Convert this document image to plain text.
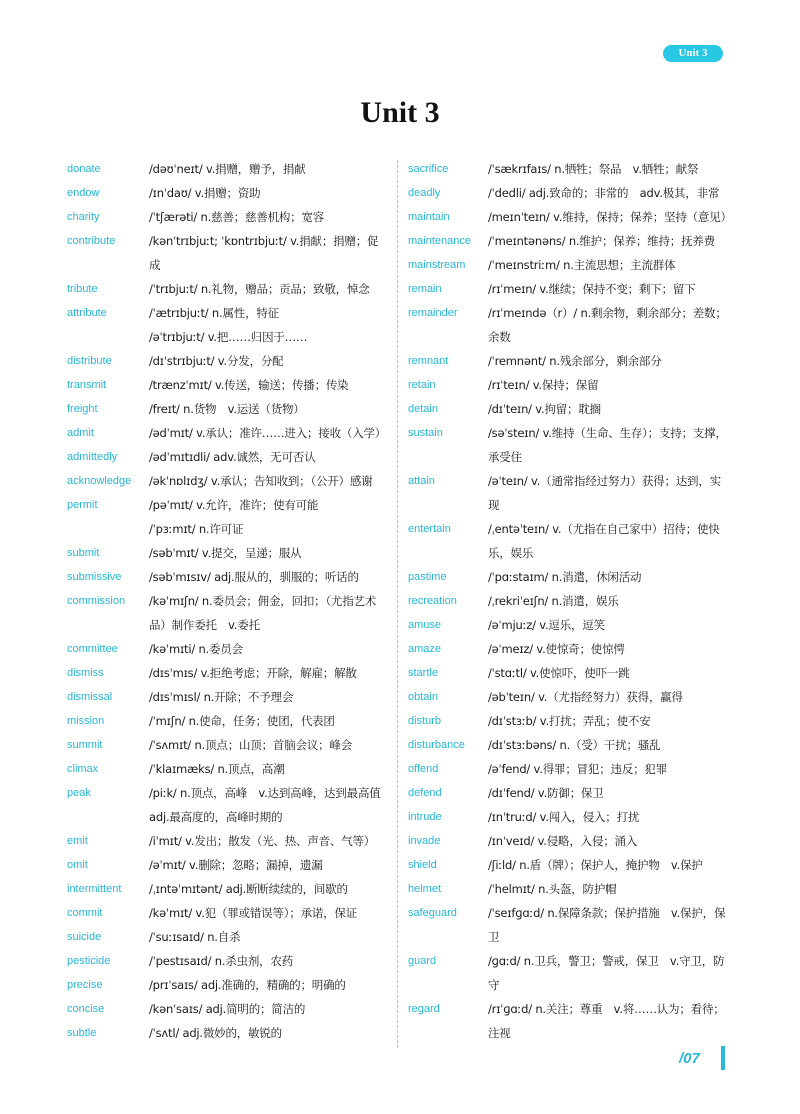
Unit 3
Unit 3
donate	/dəʊˈneɪt/ v.捐赠，赠予，捐献
endow	/ɪnˈdaʊ/ v.捐赠；资助
charity	/ˈtʃærəti/ n.慈善；慈善机构；宽容
contribute	/kənˈtrɪbjuːt; ˈkɒntrɪbjuːt/ v.捐献；捐赠；促成
tribute	/ˈtrɪbjuːt/ n.礼物，赠品；贡品；致敬，悼念
attribute	/ˈætrɪbjuːt/ n.属性，特征
/əˈtrɪbjuːt/ v.把……归因于……
distribute	/dɪˈstrɪbjuːt/ v.分发，分配
transmit	/trænzˈmɪt/ v.传送，输送；传播；传染
freight	/freɪt/ n.货物　v.运送（货物）
admit	/ədˈmɪt/ v.承认；准许……进入；接收（入学）
admittedly	/ədˈmɪtɪdli/ adv.诚然，无可否认
acknowledge	/əkˈnɒlɪdʒ/ v.承认；告知收到；（公开）感谢
permit	/pəˈmɪt/ v.允许，准许；使有可能
/ˈpɜːmɪt/ n.许可证
submit	/səbˈmɪt/ v.提交，呈递；服从
submissive	/səbˈmɪsɪv/ adj.服从的，驯服的；听话的
commission	/kəˈmɪʃn/ n.委员会；佣金，回扣；（尤指艺术品）制作委托　v.委托
committee	/kəˈmɪti/ n.委员会
dismiss	/dɪsˈmɪs/ v.拒绝考虑；开除，解雇；解散
dismissal	/dɪsˈmɪsl/ n.开除；不予理会
mission	/ˈmɪʃn/ n.使命，任务；使团，代表团
summit	/ˈsʌmɪt/ n.顶点；山顶；首脑会议；峰会
climax	/ˈklaɪmæks/ n.顶点，高潮
peak	/piːk/ n.顶点，高峰　v.达到高峰，达到最高值　adj.最高度的，高峰时期的
emit	/iˈmɪt/ v.发出；散发（光、热、声音、气等）
omit	/əˈmɪt/ v.删除；忽略；漏掉，遗漏
intermittent	/ˌɪntəˈmɪtənt/ adj.断断续续的，间歇的
commit	/kəˈmɪt/ v.犯（罪或错误等）；承诺，保证
suicide	/ˈsuːɪsaɪd/ n.自杀
pesticide	/ˈpestɪsaɪd/ n.杀虫剂，农药
precise	/prɪˈsaɪs/ adj.准确的，精确的；明确的
concise	/kənˈsaɪs/ adj.简明的；简洁的
subtle	/ˈsʌtl/ adj.微妙的，敏锐的
sacrifice	/ˈsækrɪfaɪs/ n.牺牲；祭品　v.牺牲；献祭
deadly	/ˈdedli/ adj.致命的；非常的　adv.极其，非常
maintain	/meɪnˈteɪn/ v.维持，保持；保养；坚持（意见）
maintenance	/ˈmeɪntənəns/ n.维护；保养；维持；抚养费
mainstream	/ˈmeɪnstriːm/ n.主流思想；主流群体
remain	/rɪˈmeɪn/ v.继续；保持不变；剩下；留下
remainder	/rɪˈmeɪndə（r）/ n.剩余物，剩余部分；差数；余数
remnant	/ˈremnənt/ n.残余部分，剩余部分
retain	/rɪˈteɪn/ v.保持；保留
detain	/dɪˈteɪn/ v.拘留；耽搁
sustain	/səˈsteɪn/ v.维持（生命、生存）；支持；支撑，承受住
attain	/əˈteɪn/ v.（通常指经过努力）获得；达到，实现
entertain	/ˌentəˈteɪn/ v.（尤指在自己家中）招待；使快乐，娱乐
pastime	/ˈpɑːstaɪm/ n.消遣，休闲活动
recreation	/ˌrekriˈeɪʃn/ n.消遣，娱乐
amuse	/əˈmjuːz/ v.逗乐，逗笑
amaze	/əˈmeɪz/ v.使惊奇；使惊愕
startle	/ˈstɑːtl/ v.使惊吓，使吓一跳
obtain	/əbˈteɪn/ v.（尤指经努力）获得，赢得
disturb	/dɪˈstɜːb/ v.打扰；弄乱；使不安
disturbance	/dɪˈstɜːbəns/ n.（受）干扰；骚乱
offend	/əˈfend/ v.得罪；冒犯；违反；犯罪
defend	/dɪˈfend/ v.防御；保卫
intrude	/ɪnˈtruːd/ v.闯入，侵入；打扰
invade	/ɪnˈveɪd/ v.侵略，入侵；涌入
shield	/ʃiːld/ n.盾（牌）；保护人，掩护物　v.保护
helmet	/ˈhelmɪt/ n.头盔，防护帽
safeguard	/ˈseɪfɡɑːd/ n.保障条款；保护措施　v.保护，保卫
guard	/ɡɑːd/ n.卫兵，警卫；警戒，保卫　v.守卫，防守
regard	/rɪˈɡɑːd/ n.关注；尊重　v.将……认为；看待；注视
/07
